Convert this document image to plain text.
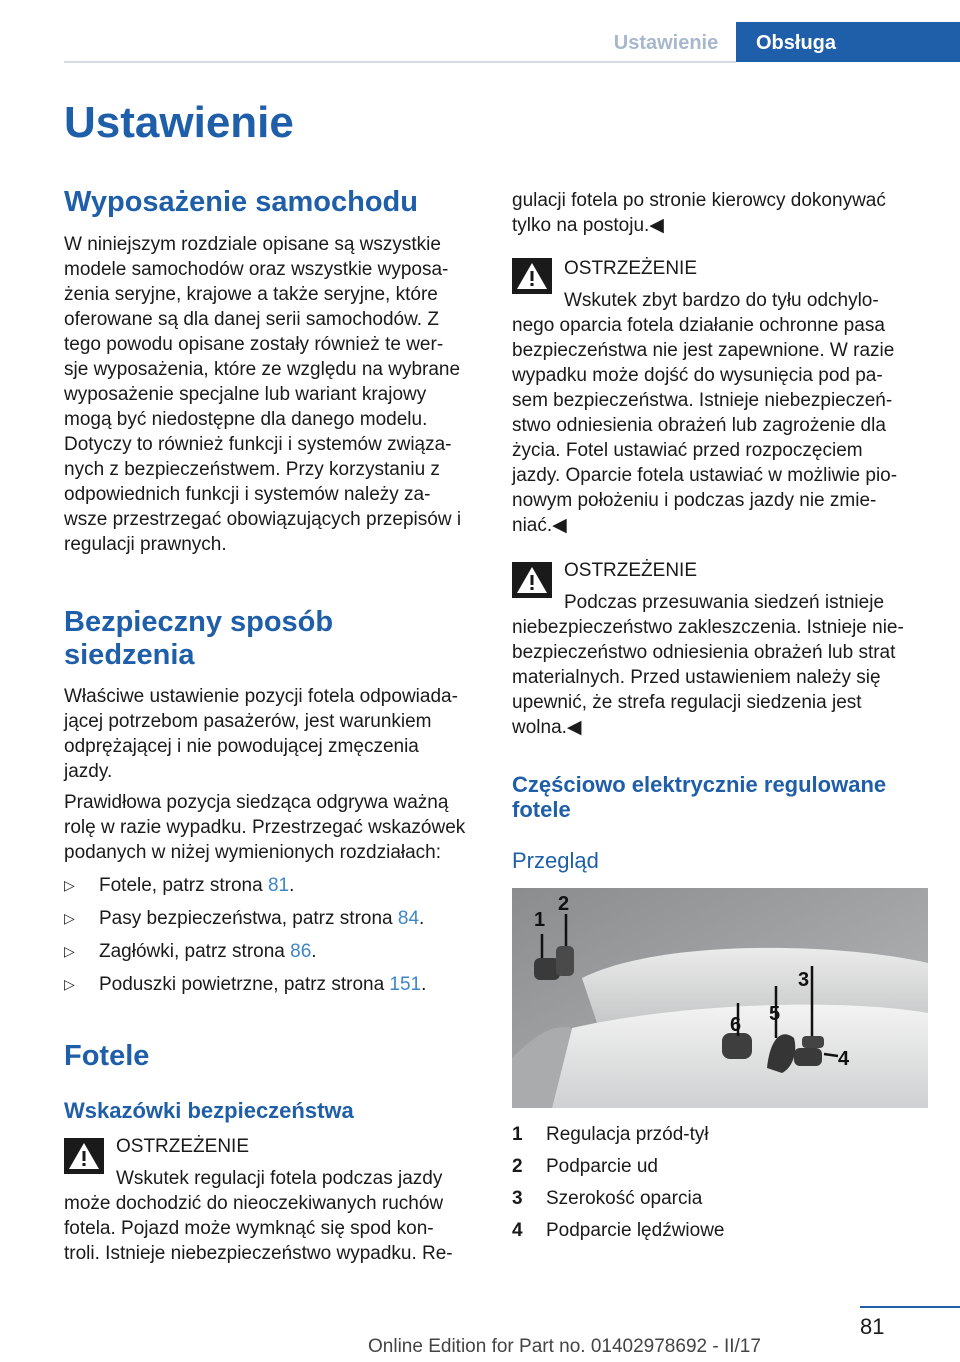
Ustawienie	Obsługa
Ustawienie
Wyposażenie samochodu
W niniejszym rozdziale opisane są wszystkie
modele samochodów oraz wszystkie wyposa‐
żenia seryjne, krajowe a także seryjne, które
oferowane są dla danej serii samochodów. Z
tego powodu opisane zostały również te wer‐
sje wyposażenia, które ze względu na wybrane
wyposażenie specjalne lub wariant krajowy
mogą być niedostępne dla danego modelu.
Dotyczy to również funkcji i systemów związa‐
nych z bezpieczeństwem. Przy korzystaniu z
odpowiednich funkcji i systemów należy za‐
wsze przestrzegać obowiązujących przepisów i
regulacji prawnych.
Bezpieczny sposób
siedzenia
Właściwe ustawienie pozycji fotela odpowiada‐
jącej potrzebom pasażerów, jest warunkiem
odprężającej i nie powodującej zmęczenia
jazdy.
Prawidłowa pozycja siedząca odgrywa ważną
rolę w razie wypadku. Przestrzegać wskazówek
podanych w niżej wymienionych rozdziałach:
▷ Fotele, patrz strona 81.
▷ Pasy bezpieczeństwa, patrz strona 84.
▷ Zagłówki, patrz strona 86.
▷ Poduszki powietrzne, patrz strona 151.
Fotele
Wskazówki bezpieczeństwa
OSTRZEŻENIE
Wskutek regulacji fotela podczas jazdy
może dochodzić do nieoczekiwanych ruchów
fotela. Pojazd może wymknąć się spod kon‐
troli. Istnieje niebezpieczeństwo wypadku. Re‐
gulacji fotela po stronie kierowcy dokonywać
tylko na postoju.◀
OSTRZEŻENIE
Wskutek zbyt bardzo do tyłu odchylo‐
nego oparcia fotela działanie ochronne pasa
bezpieczeństwa nie jest zapewnione. W razie
wypadku może dojść do wysunięcia pod pa‐
sem bezpieczeństwa. Istnieje niebezpieczeń‐
stwo odniesienia obrażeń lub zagrożenie dla
życia. Fotel ustawiać przed rozpoczęciem
jazdy. Oparcie fotela ustawiać w możliwie pio‐
nowym położeniu i podczas jazdy nie zmie‐
niać.◀
OSTRZEŻENIE
Podczas przesuwania siedzeń istnieje
niebezpieczeństwo zakleszczenia. Istnieje nie‐
bezpieczeństwo odniesienia obrażeń lub strat
materialnych. Przed ustawieniem należy się
upewnić, że strefa regulacji siedzenia jest
wolna.◀
Częściowo elektrycznie regulowane
fotele
Przegląd
1
2
3
4
5
6
1 Regulacja przód-tył
2 Podparcie ud
3 Szerokość oparcia
4 Podparcie lędźwiowe
81
Online Edition for Part no. 01402978692 - II/17
